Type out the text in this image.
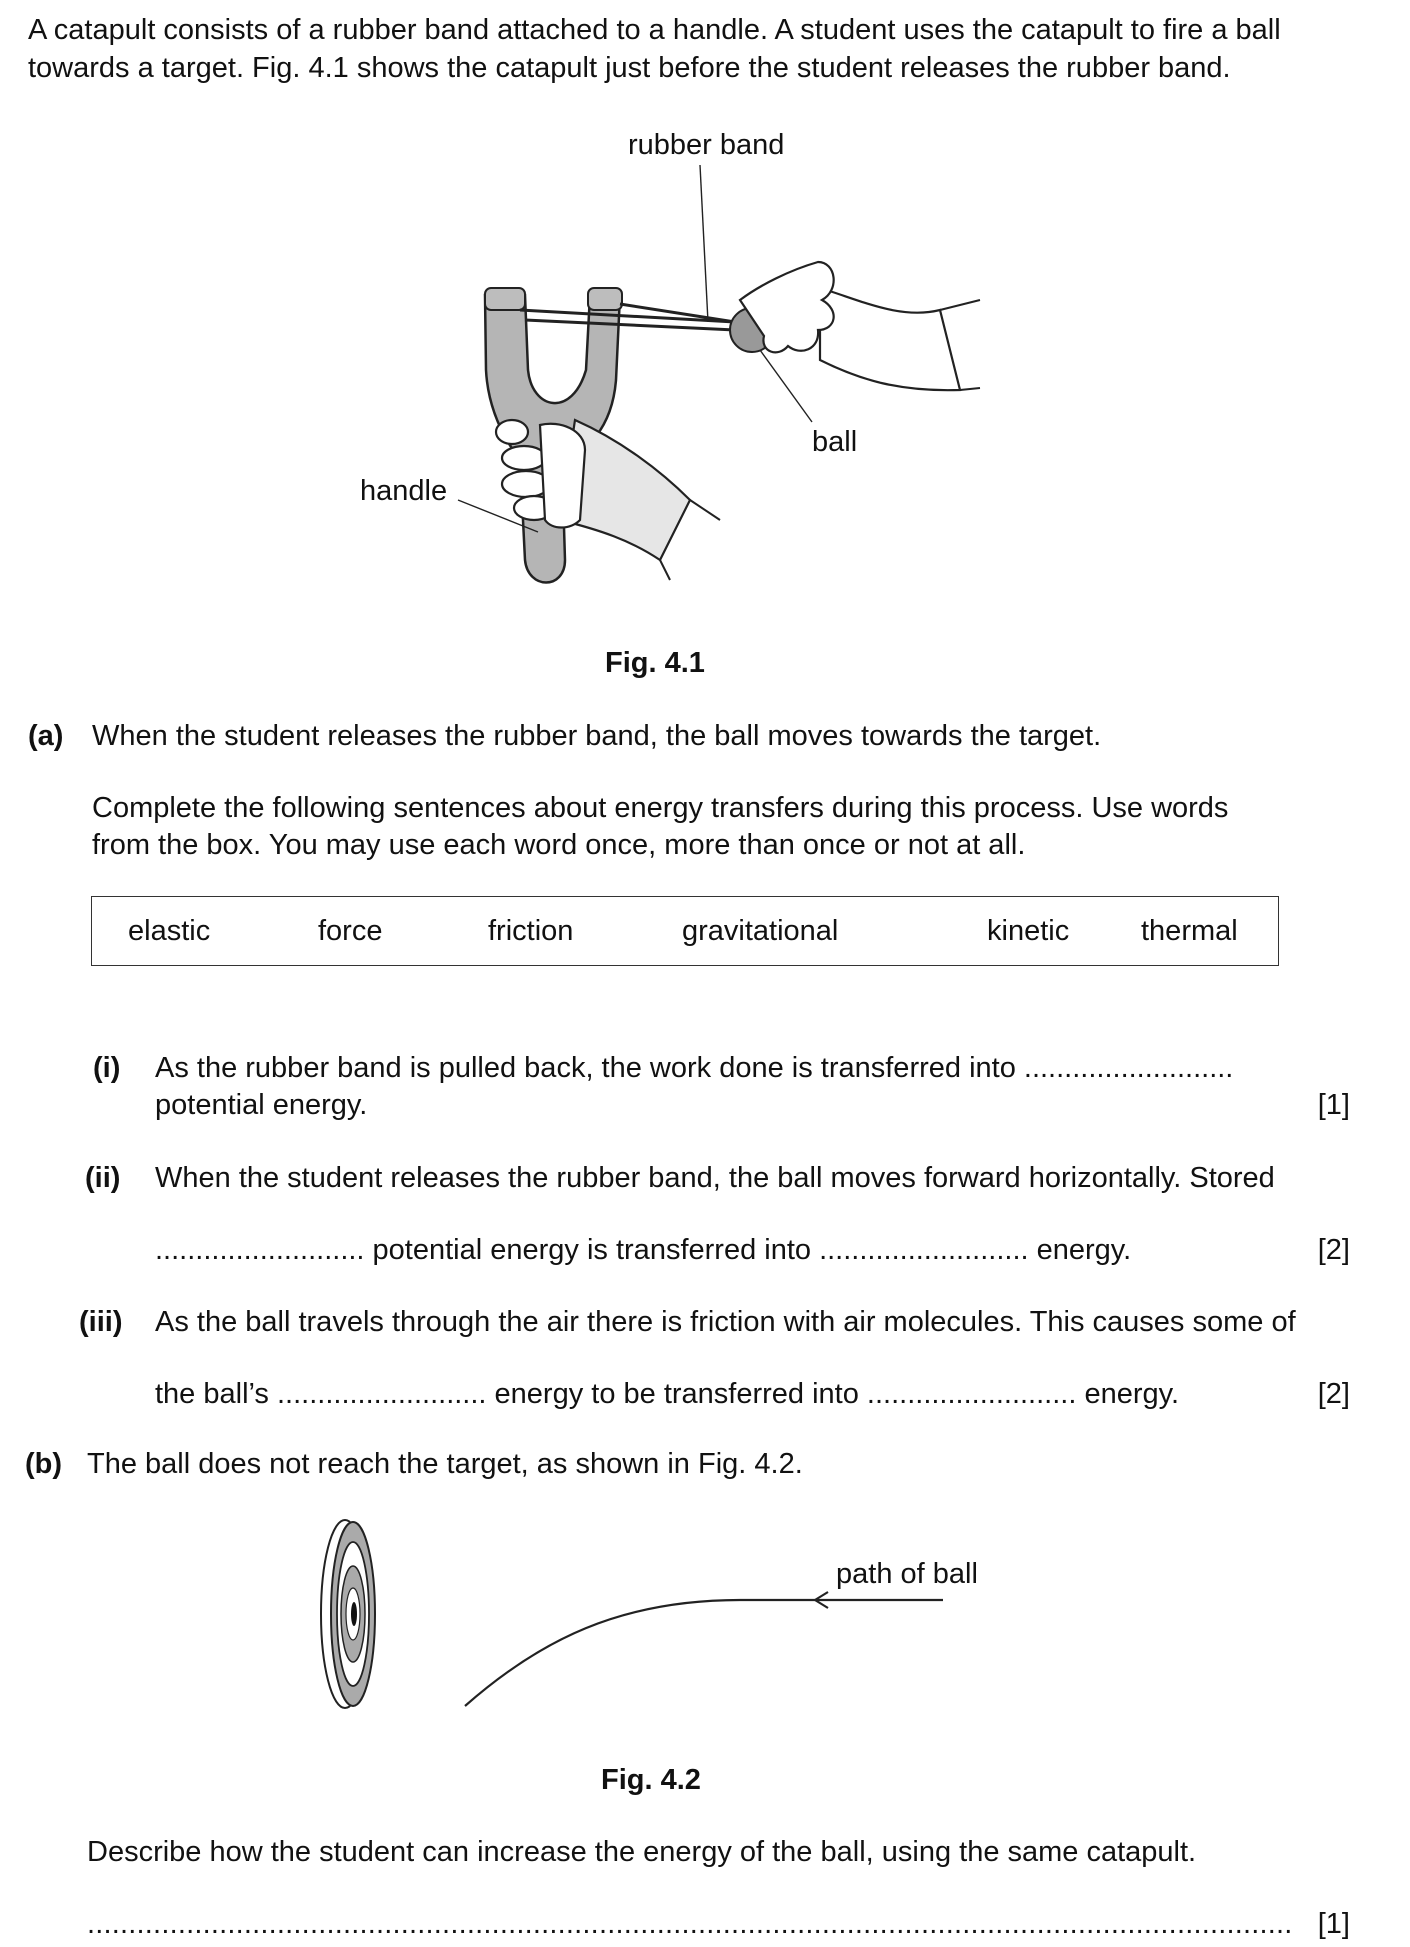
A catapult consists of a rubber band attached to a handle. A student uses the catapult to fire a ball
towards a target. Fig. 4.1 shows the catapult just before the student releases the rubber band.
rubber band
ball
handle
Fig. 4.1
(a) When the student releases the rubber band, the ball moves towards the target.
Complete the following sentences about energy transfers during this process. Use words
from the box. You may use each word once, more than once or not at all.
elastic	force	friction	gravitational	kinetic thermal
(i) As the rubber band is pulled back, the work done is transferred into ..........................
potential energy.	[1]
(ii) When the student releases the rubber band, the ball moves forward horizontally. Stored
.......................... potential energy is transferred into .......................... energy.	[2]
(iii) As the ball travels through the air there is friction with air molecules. This causes some of
the ball’s .......................... energy to be transferred into .......................... energy.	[2]
(b) The ball does not reach the target, as shown in Fig. 4.2.
path of ball
Fig. 4.2
Describe how the student can increase the energy of the ball, using the same catapult.
.................................................................................................................................................. [1]
